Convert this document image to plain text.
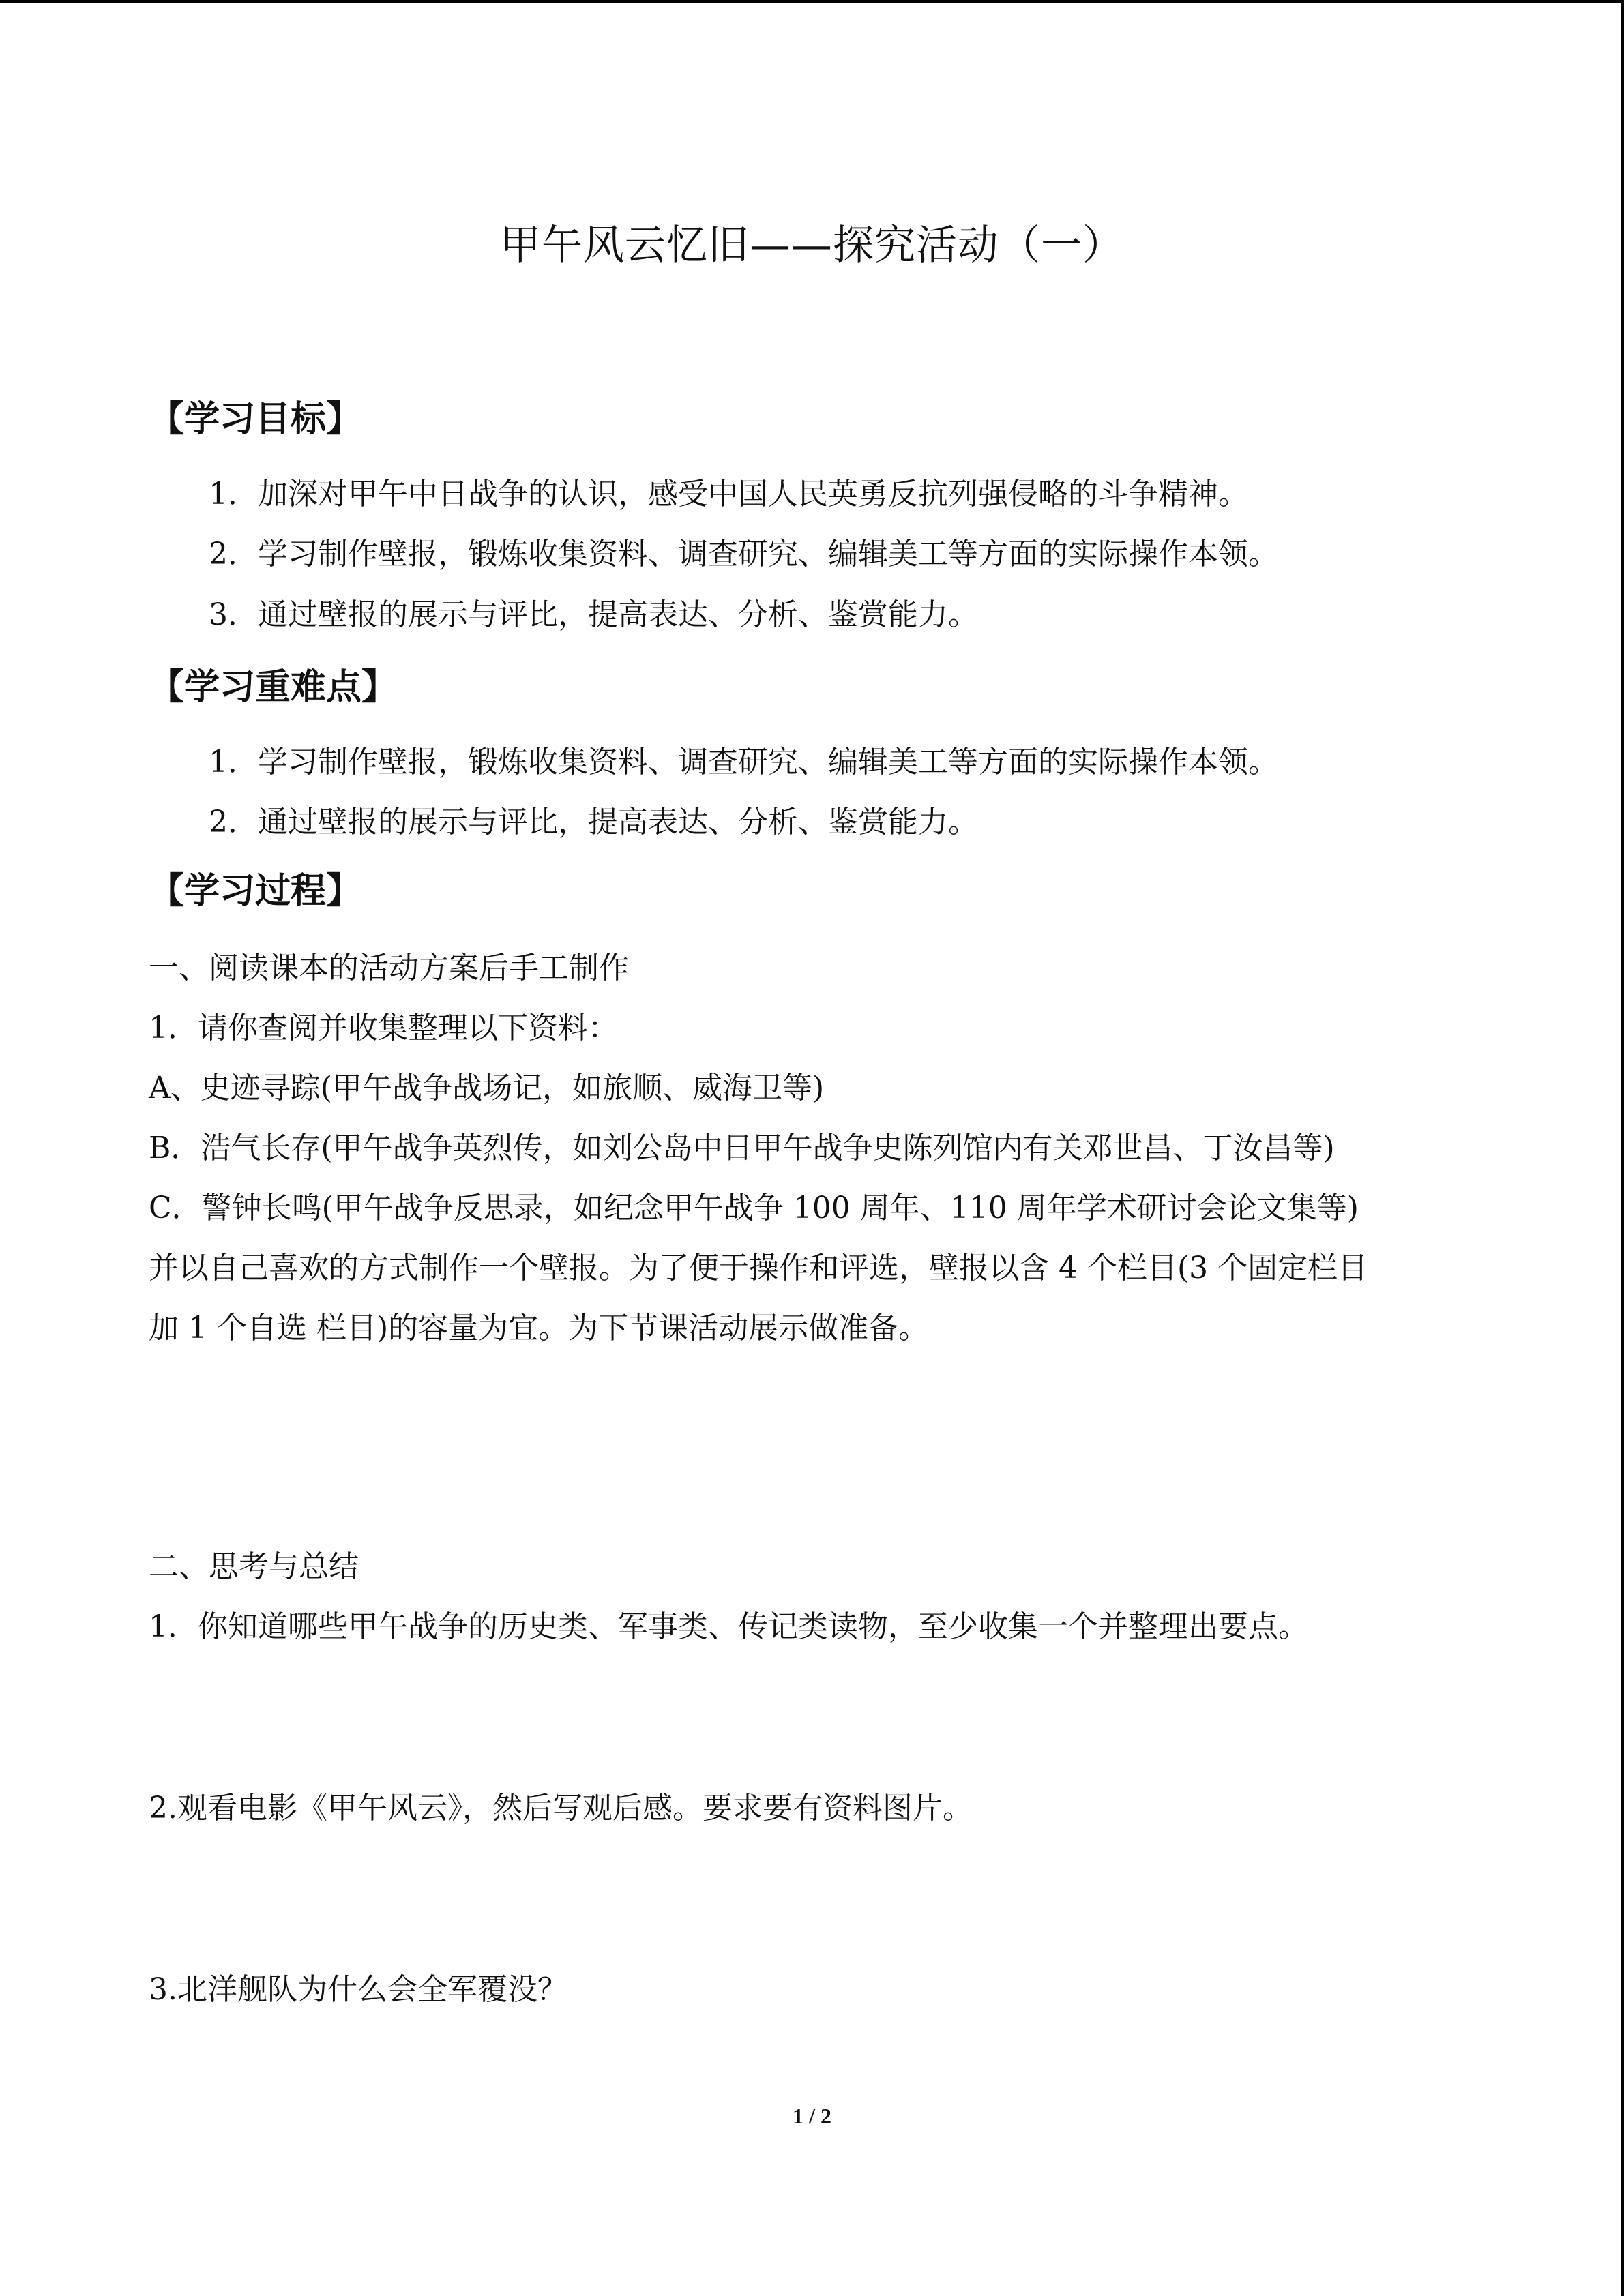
甲午风云忆旧——探究活动（一）
【学习目标】
1．加深对甲午中日战争的认识，感受中国人民英勇反抗列强侵略的斗争精神。
2．学习制作壁报，锻炼收集资料、调查研究、编辑美工等方面的实际操作本领。
3．通过壁报的展示与评比，提高表达、分析、鉴赏能力。
【学习重难点】
1．学习制作壁报，锻炼收集资料、调查研究、编辑美工等方面的实际操作本领。
2．通过壁报的展示与评比，提高表达、分析、鉴赏能力。
【学习过程】
一、阅读课本的活动方案后手工制作
1．请你查阅并收集整理以下资料：
A、史迹寻踪(甲午战争战场记，如旅顺、威海卫等)
B．浩气长存(甲午战争英烈传，如刘公岛中日甲午战争史陈列馆内有关邓世昌、丁汝昌等)
C．警钟长鸣(甲午战争反思录，如纪念甲午战争 100 周年、110 周年学术研讨会论文集等)
并以自己喜欢的方式制作一个壁报。为了便于操作和评选，壁报以含 4 个栏目(3 个固定栏目
加 1 个自选 栏目)的容量为宜。为下节课活动展示做准备。
二、思考与总结
1．你知道哪些甲午战争的历史类、军事类、传记类读物，至少收集一个并整理出要点。
2.观看电影《甲午风云》，然后写观后感。要求要有资料图片。
3.北洋舰队为什么会全军覆没？
1 / 2
